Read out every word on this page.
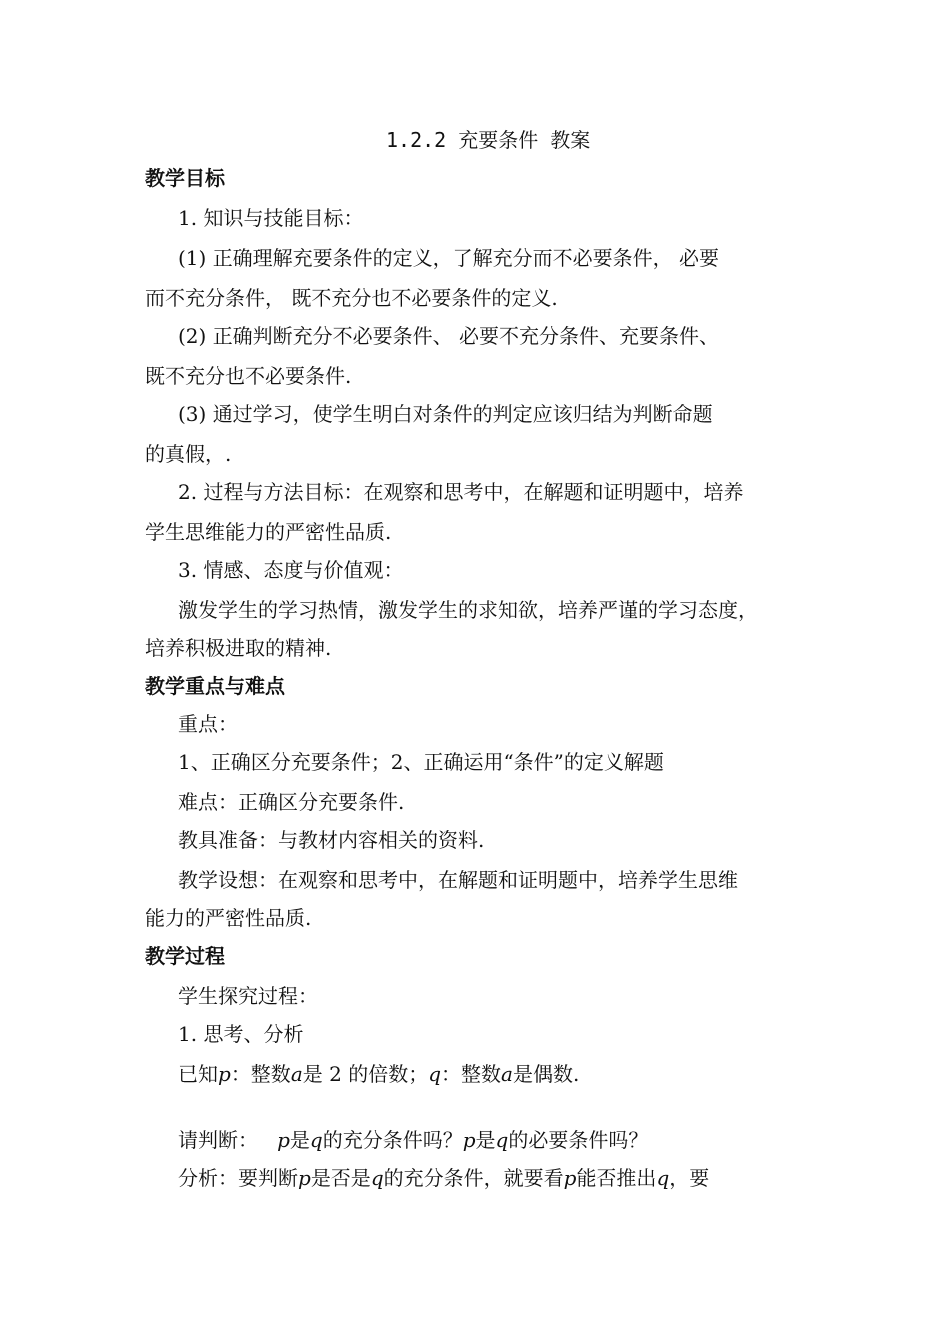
1.2.2 充要条件 教案
教学目标
1. 知识与技能目标：
(1) 正确理解充要条件的定义，了解充分而不必要条件， 必要
而不充分条件， 既不充分也不必要条件的定义.
(2) 正确判断充分不必要条件、 必要不充分条件、充要条件、
既不充分也不必要条件.
(3) 通过学习，使学生明白对条件的判定应该归结为判断命题
的真假，.
2. 过程与方法目标：在观察和思考中，在解题和证明题中，培养
学生思维能力的严密性品质.
3. 情感、态度与价值观：
激发学生的学习热情，激发学生的求知欲，培养严谨的学习态度，
培养积极进取的精神.
教学重点与难点
重点：
1、正确区分充要条件；2、正确运用“条件”的定义解题
难点：正确区分充要条件.
教具准备：与教材内容相关的资料.
教学设想：在观察和思考中，在解题和证明题中，培养学生思维
能力的严密性品质.
教学过程
学生探究过程：
1. 思考、分析
已知p：整数a是 2 的倍数；q：整数a是偶数.
请判断：   p是q的充分条件吗？p是q的必要条件吗？
分析：要判断p是否是q的充分条件，就要看p能否推出q，要
